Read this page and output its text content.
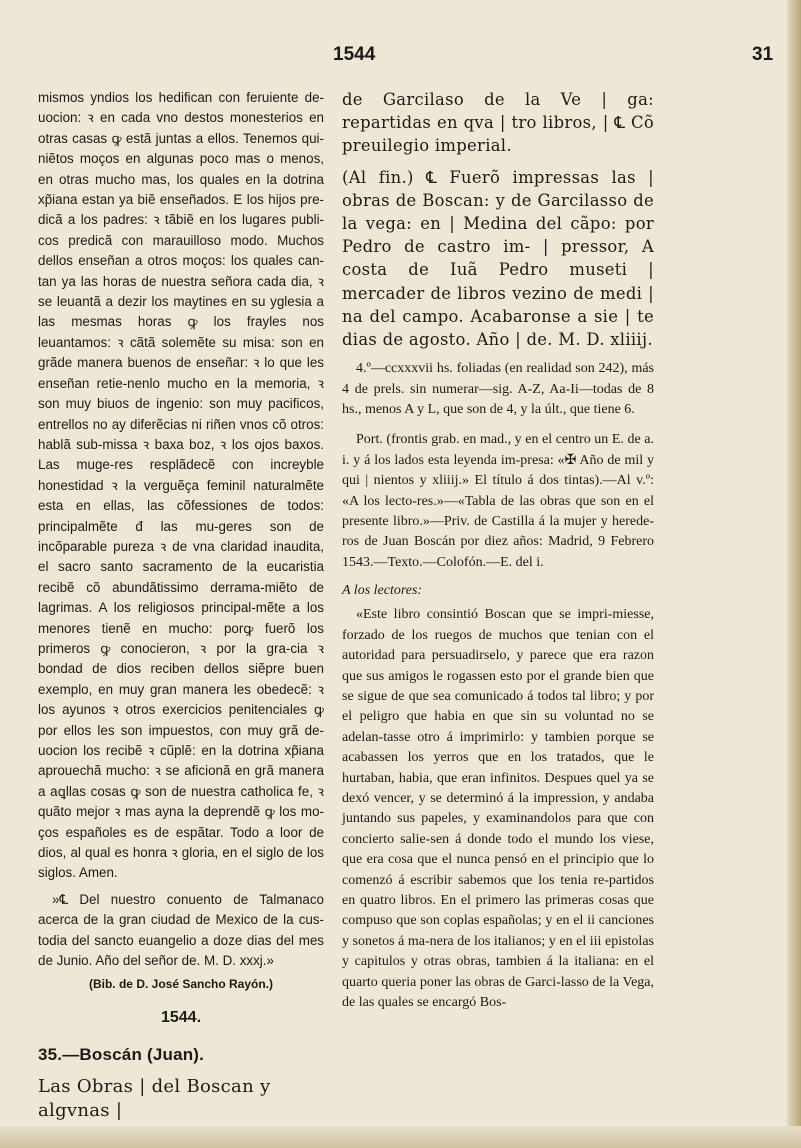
1544	31

mismos yndios los hedifican con feruiente de-uocion: ꝛ en cada vno destos monesterios en otras casas ꝙ estã juntas a ellos. Tenemos qui-niẽtos moços en algunas poco mas o menos, en otras mucho mas, los quales en la dotrina xp̃iana estan ya biẽ enseñados. E los hijos pre-dicã a los padres: ꝛ tãbiẽ en los lugares publi-cos predicã con marauilloso modo. Muchos dellos enseñan a otros moços: los quales can-tan ya las horas de nuestra señora cada dia, ꝛ se leuantã a dezir los maytines en su yglesia a las mesmas horas ꝙ los frayles nos leuantamos: ꝛ cãtã solemẽte su misa: son en grãde manera buenos de enseñar: ꝛ lo que les enseñan retie-nenlo mucho en la memoria, ꝛ son muy biuos de ingenio: son muy pacificos, entrellos no ay diferẽcias ni riñen vnos cõ otros: hablã sub-missa ꝛ baxa boz, ꝛ los ojos baxos. Las muge-res resplãdecẽ con increyble honestidad ꝛ la verguẽça feminil naturalmẽte esta en ellas, las cõfessiones de todos: principalmẽte đ las mu-geres son de incõparable pureza ꝛ de vna claridad inaudita, el sacro santo sacramento de la eucaristia recibẽ cõ abundãtissimo derrama-miẽto de lagrimas. A los religiosos principal-mẽte a los menores tienẽ en mucho: porꝙ fuerõ los primeros ꝙ conocieron, ꝛ por la gra-cia ꝛ bondad de dios reciben dellos siẽpre buen exemplo, en muy gran manera les obedecẽ: ꝛ los ayunos ꝛ otros exercicios penitenciales ꝙ por ellos les son impuestos, con muy grã de-uocion los recibẽ ꝛ cũplẽ: en la dotrina xp̃iana aprouechã mucho: ꝛ se aficionã en grã manera a aꝗllas cosas ꝙ son de nuestra catholica fe, ꝛ quãto mejor ꝛ mas ayna la deprendẽ ꝙ los mo-ços españoles es de espãtar. Todo a loor de dios, al qual es honra ꝛ gloria, en el siglo de los siglos. Amen.

»℄ Del nuestro conuento de Talmanaco acerca de la gran ciudad de Mexico de la cus-todia del sancto euangelio a doze dias del mes de Junio. Año del señor de. M. D. xxxj.»

(Bib. de D. José Sancho Rayón.)
1544.
35.—Boscán (Juan).

Las Obras | del Boscan y algvnas |

de Garcilaso de la Ve | ga: repartidas en qva | tro libros, | ℄ Cõ preuilegio imperial.

(Al fin.) ℄ Fuerõ impressas las | obras de Boscan: y de Garcilasso de la vega: en | Medina del cãpo: por Pedro de castro im- | pressor, A costa de Iuã Pedro museti | mercader de libros vezino de medi | na del campo. Acabaronse a sie | te dias de agosto. Año | de. M. D. xliiij.

4.º—ccxxxvii hs. foliadas (en realidad son 242), más 4 de prels. sin numerar—sig. A-Z, Aa-Ii—todas de 8 hs., menos A y L, que son de 4, y la últ., que tiene 6.

Port. (frontis grab. en mad., y en el centro un E. de a. i. y á los lados esta leyenda im-presa: «✠ Año de mil y qui | nientos y xliiij.» El título á dos tintas).—Al v.º: «A los lecto-res.»—«Tabla de las obras que son en el presente libro.»—Priv. de Castilla á la mujer y herede-ros de Juan Boscán por diez años: Madrid, 9 Febrero 1543.—Texto.—Colofón.—E. del i.

A los lectores:

«Este libro consintió Boscan que se impri-miesse, forzado de los ruegos de muchos que tenian con el autoridad para persuadirselo, y parece que era razon que sus amigos le rogassen esto por el grande bien que se sigue de que sea comunicado á todos tal libro; y por el peligro que habia en que sin su voluntad no se adelan-tasse otro á imprimirlo: y tambien porque se acabassen los yerros que en los tratados, que le hurtaban, habia, que eran infinitos. Despues quel ya se dexó vencer, y se determinó á la impression, y andaba juntando sus papeles, y examinandolos para que con concierto salie-sen á donde todo el mundo los viese, que era cosa que el nunca pensó en el principio que lo comenzó á escribir sabemos que los tenia re-partidos en quatro libros. En el primero las primeras cosas que compuso que son coplas españolas; y en el ii canciones y sonetos á ma-nera de los italianos; y en el iii epistolas y capitulos y otras obras, tambien á la italiana: en el quarto queria poner las obras de Garci-lasso de la Vega, de las quales se encargó Bos-
